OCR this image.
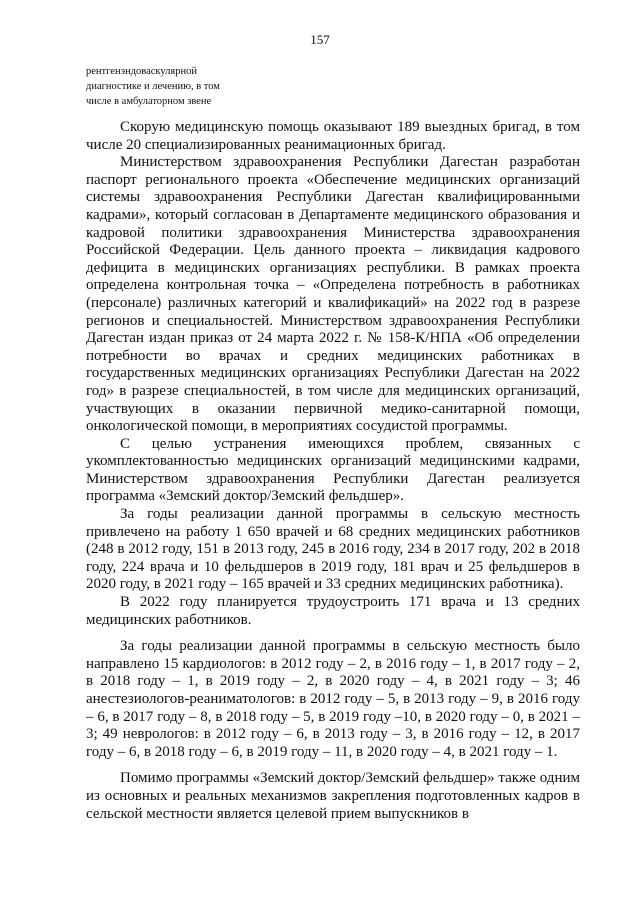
157
рентгенэндоваскулярной
диагностике и лечению, в том
числе в амбулаторном звене

Скорую медицинскую помощь оказывают 189 выездных бригад, в том числе 20 специализированных реанимационных бригад.

Министерством здравоохранения Республики Дагестан разработан паспорт регионального проекта «Обеспечение медицинских организаций системы здравоохранения Республики Дагестан квалифицированными кадрами», который согласован в Департаменте медицинского образования и кадровой политики здравоохранения Министерства здравоохранения Российской Федерации. Цель данного проекта – ликвидация кадрового дефицита в медицинских организациях республики. В рамках проекта определена контрольная точка – «Определена потребность в работниках (персонале) различных категорий и квалификаций» на 2022 год в разрезе регионов и специальностей. Министерством здравоохранения Республики Дагестан издан приказ от 24 марта 2022 г. № 158-К/НПА «Об определении потребности во врачах и средних медицинских работниках в государственных медицинских организациях Республики Дагестан на 2022 год» в разрезе специальностей, в том числе для медицинских организаций, участвующих в оказании первичной медико-санитарной помощи, онкологической помощи, в мероприятиях сосудистой программы.

С целью устранения имеющихся проблем, связанных с укомплектованностью медицинских организаций медицинскими кадрами, Министерством здравоохранения Республики Дагестан реализуется программа «Земский доктор/Земский фельдшер».

За годы реализации данной программы в сельскую местность привлечено на работу 1 650 врачей и 68 средних медицинских работников (248 в 2012 году, 151 в 2013 году, 245 в 2016 году, 234 в 2017 году, 202 в 2018 году, 224 врача и 10 фельдшеров в 2019 году, 181 врач и 25 фельдшеров в 2020 году, в 2021 году – 165 врачей и 33 средних медицинских работника).

В 2022 году планируется трудоустроить 171 врача и 13 средних медицинских работников.

За годы реализации данной программы в сельскую местность было направлено 15 кардиологов: в 2012 году – 2, в 2016 году – 1, в 2017 году – 2, в 2018 году – 1, в 2019 году – 2, в 2020 году – 4, в 2021 году – 3; 46 анестезиологов-реаниматологов: в 2012 году – 5, в 2013 году – 9, в 2016 году – 6, в 2017 году – 8, в 2018 году – 5, в 2019 году –10, в 2020 году – 0, в 2021 – 3; 49 неврологов: в 2012 году – 6, в 2013 году – 3, в 2016 году – 12, в 2017 году – 6, в 2018 году – 6, в 2019 году – 11, в 2020 году – 4, в 2021 году – 1.

Помимо программы «Земский доктор/Земский фельдшер» также одним из основных и реальных механизмов закрепления подготовленных кадров в сельской местности является целевой прием выпускников в
